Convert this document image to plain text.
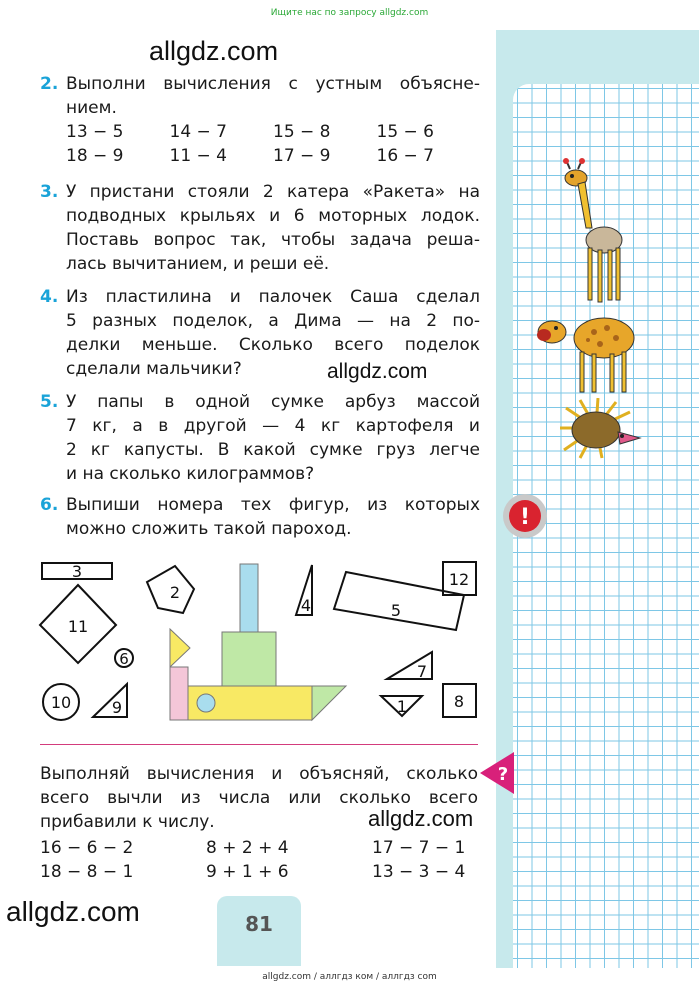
Ищите нас по запросу allgdz.com
!
?
allgdz.com
allgdz.com
allgdz.com
allgdz.com
2. Выполни вычисления с устным объясне-
нием.
13 − 5	14 − 7	15 − 8	15 − 6
18 − 9	11 − 4	17 − 9	16 − 7
3. У пристани стояли 2 катера «Ракета» на
подводных крыльях и 6 моторных лодок.
Поставь вопрос так, чтобы задача реша-
лась вычитанием, и реши её.
4. Из пластилина и палочек Саша сделал
5 разных поделок, а Дима — на 2 по-
делки меньше. Сколько всего поделок
сделали мальчики?
5. У папы в одной сумке арбуз массой
7 кг, а в другой — 4 кг картофеля и
2 кг капусты. В какой сумке груз легче
и на сколько килограммов?
6. Выпиши номера тех фигур, из которых
можно сложить такой пароход.
3
11
6
10	9
2
4	5
12
7
1	8
Выполняй вычисления и объясняй, сколько
всего вычли из числа или сколько всего
прибавили к числу.
16 − 6 − 2	8 + 2 + 4	17 − 7 − 1
18 − 8 − 1	9 + 1 + 6	13 − 3 − 4
81
allgdz.com / аллгдз ком / аллгдз com
